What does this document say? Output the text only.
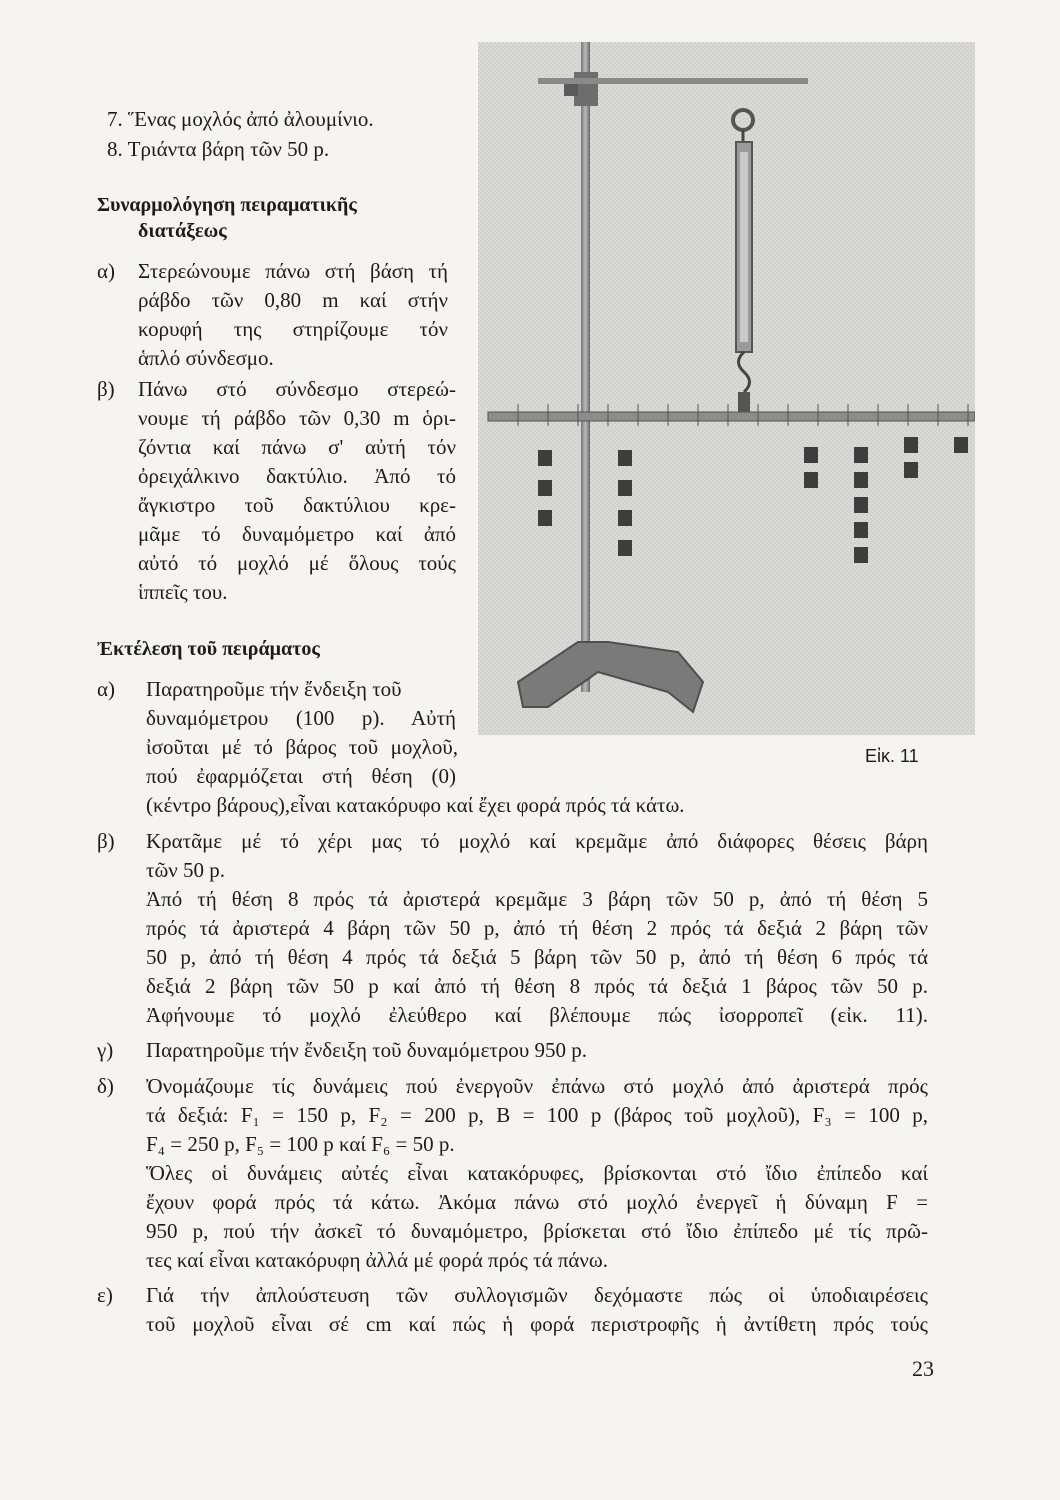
7. Ἕνας μοχλός ἀπό ἀλουμίνιο.
8. Τριάντα βάρη τῶν 50 p.
Συναρμολόγηση πειραματικῆς
διατάξεως
α) Στερεώνουμε πάνω στή βάση τή
ράβδο τῶν 0,80 m καί στήν
κορυφή της στηρίζουμε τόν
ἁπλό σύνδεσμο.
β) Πάνω στό σύνδεσμο στερεώ-
νουμε τή ράβδο τῶν 0,30 m ὁρι-
ζόντια καί πάνω σ' αὐτή τόν
ὀρειχάλκινο δακτύλιο. Ἀπό τό
ἄγκιστρο τοῦ δακτύλιου κρε-
μᾶμε τό δυναμόμετρο καί ἀπό
αὐτό τό μοχλό μέ ὅλους τούς
ἱππεῖς του.
Ἐκτέλεση τοῦ πειράματος
α) Παρατηροῦμε τήν ἔνδειξη τοῦ
δυναμόμετρου (100 p). Αὐτή
ἰσοῦται μέ τό βάρος τοῦ μοχλοῦ,
πού ἐφαρμόζεται στή θέση (0)
(κέντρο βάρους),εἶναι κατακόρυφο καί ἔχει φορά πρός τά κάτω.
β) Κρατᾶμε μέ τό χέρι μας τό μοχλό καί κρεμᾶμε ἀπό διάφορες θέσεις βάρη
τῶν 50 p.
Ἀπό τή θέση 8 πρός τά ἀριστερά κρεμᾶμε 3 βάρη τῶν 50 p, ἀπό τή θέση 5
πρός τά ἀριστερά 4 βάρη τῶν 50 p, ἀπό τή θέση 2 πρός τά δεξιά 2 βάρη τῶν
50 p, ἀπό τή θέση 4 πρός τά δεξιά 5 βάρη τῶν 50 p, ἀπό τή θέση 6 πρός τά
δεξιά 2 βάρη τῶν 50 p καί ἀπό τή θέση 8 πρός τά δεξιά 1 βάρος τῶν 50 p.
Ἀφήνουμε τό μοχλό ἐλεύθερο καί βλέπουμε πώς ἰσορροπεῖ (εἰκ. 11).
γ) Παρατηροῦμε τήν ἔνδειξη τοῦ δυναμόμετρου 950 p.
δ) Ὀνομάζουμε τίς δυνάμεις πού ἐνεργοῦν ἐπάνω στό μοχλό ἀπό ἀριστερά πρός
τά δεξιά: F₁ = 150 p, F₂ = 200 p, B = 100 p (βάρος τοῦ μοχλοῦ), F₃ = 100 p,
F₄ = 250 p, F₅ = 100 p καί F₆ = 50 p.
Ὅλες οἱ δυνάμεις αὐτές εἶναι κατακόρυφες, βρίσκονται στό ἴδιο ἐπίπεδο καί
ἔχουν φορά πρός τά κάτω. Ἀκόμα πάνω στό μοχλό ἐνεργεῖ ἡ δύναμη F =
950 p, πού τήν ἀσκεῖ τό δυναμόμετρο, βρίσκεται στό ἴδιο ἐπίπεδο μέ τίς πρῶ-
τες καί εἶναι κατακόρυφη ἀλλά μέ φορά πρός τά πάνω.
ε) Γιά τήν ἀπλούστευση τῶν συλλογισμῶν δεχόμαστε πώς οἱ ὑποδιαιρέσεις
τοῦ μοχλοῦ εἶναι σέ cm καί πώς ἡ φορά περιστροφῆς ἡ ἀντίθετη πρός τούς
Εἰκ. 11
23
